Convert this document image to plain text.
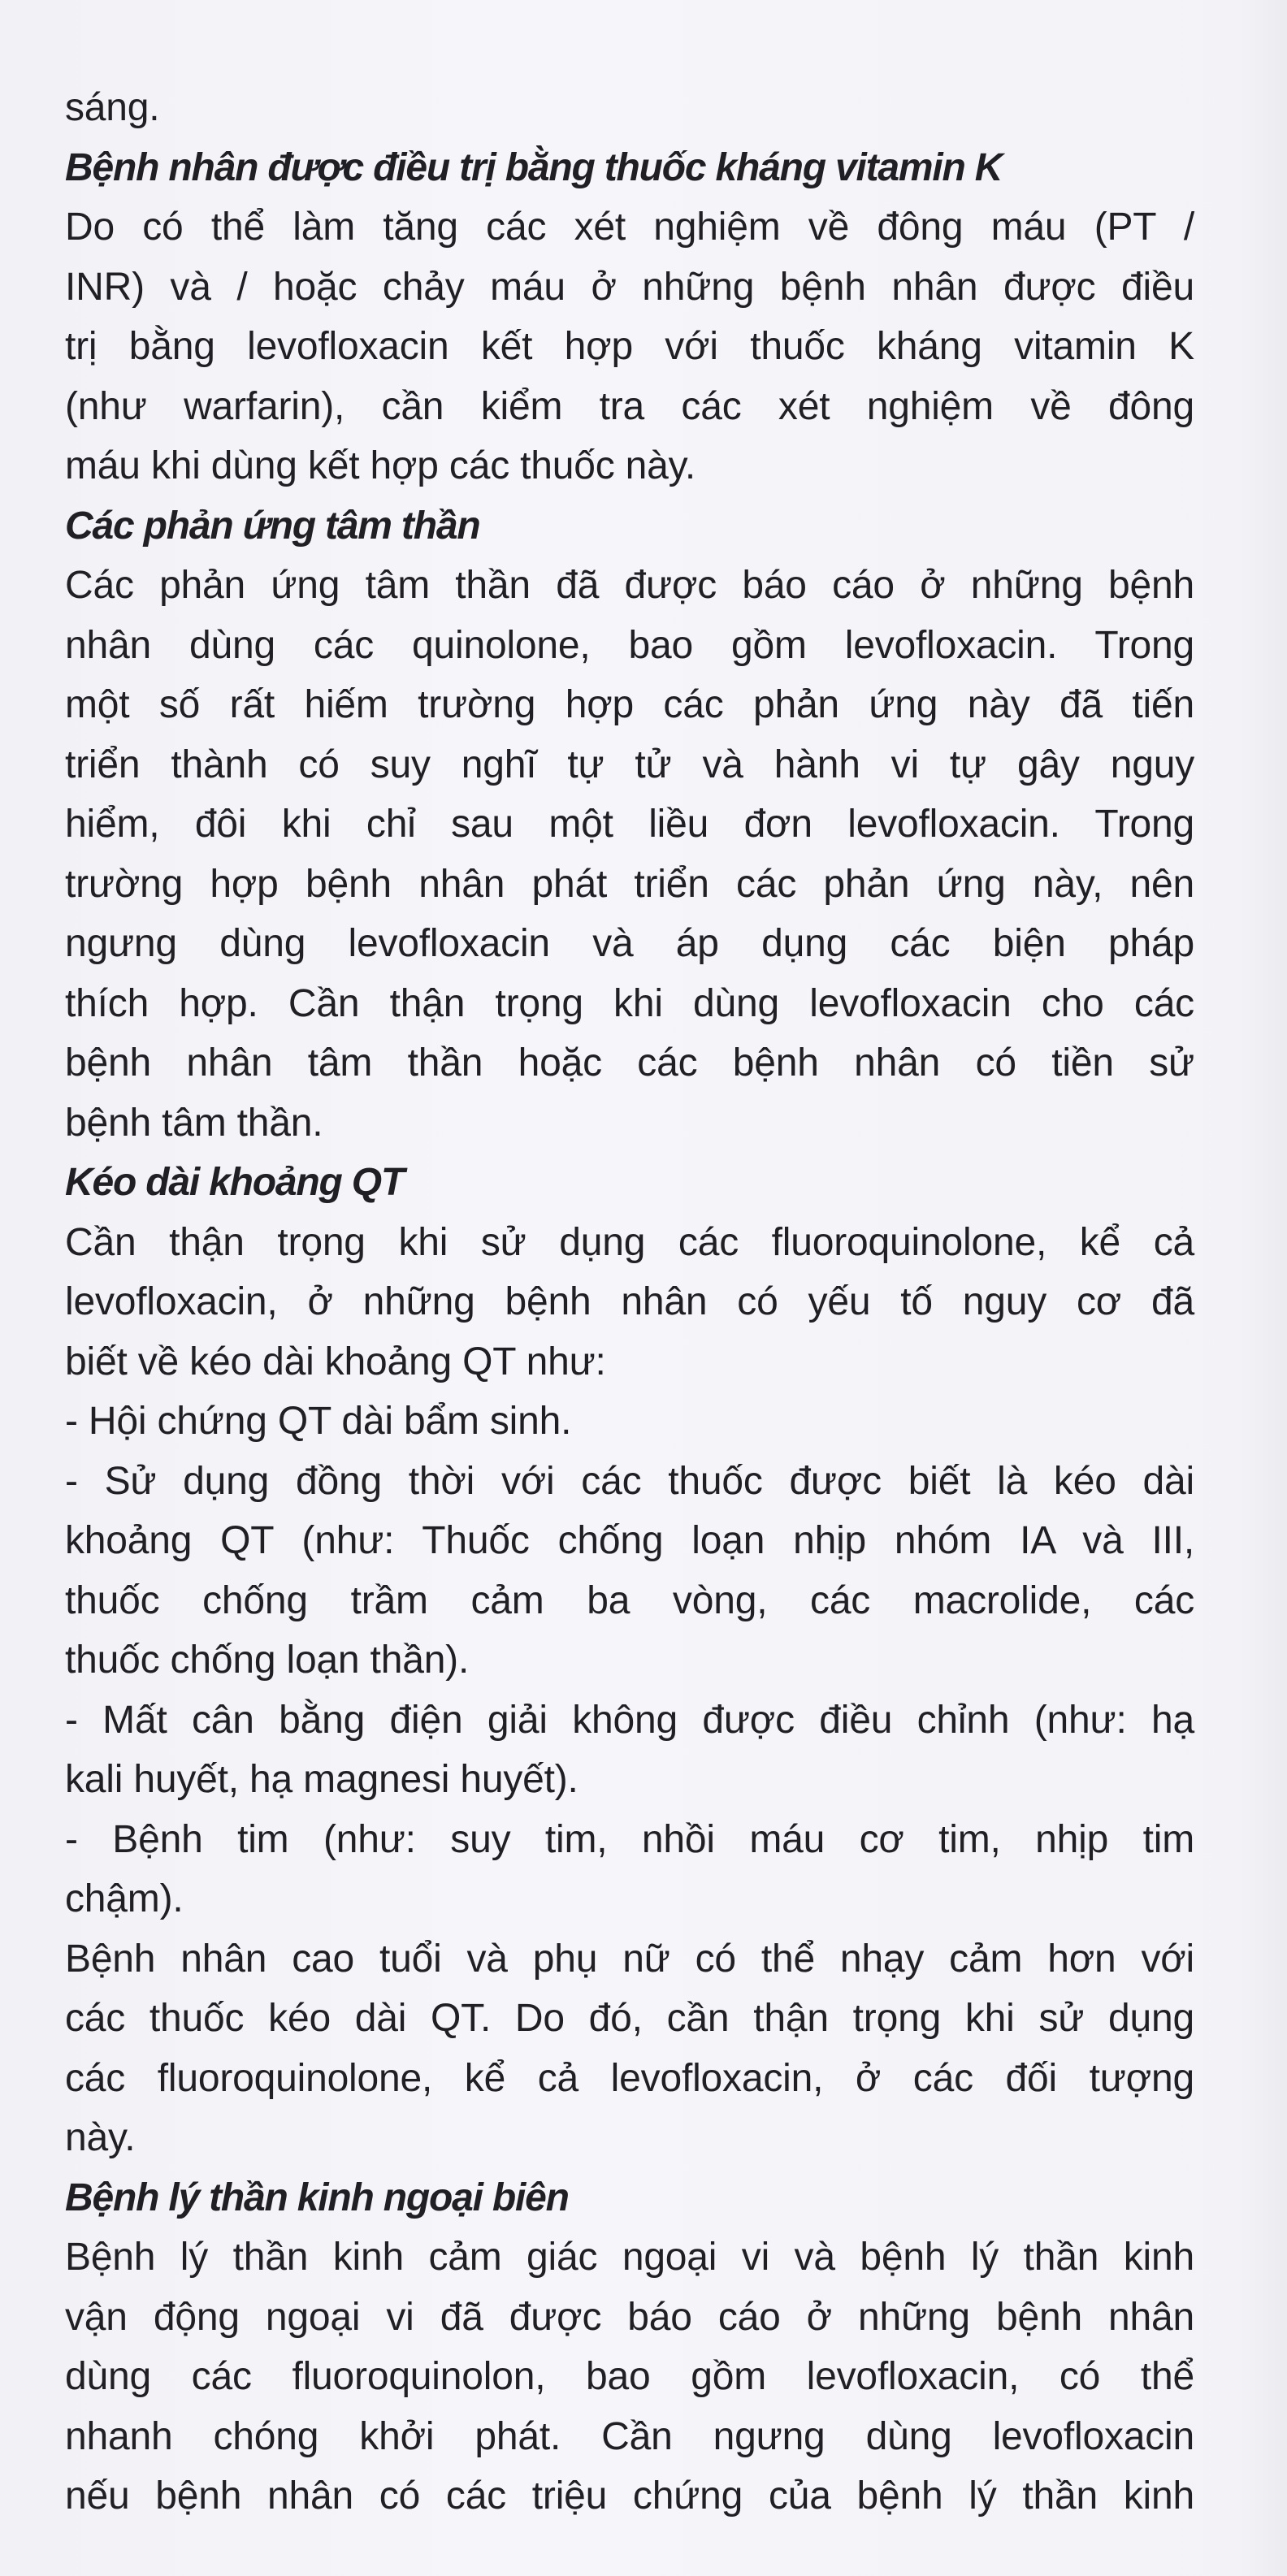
sáng.
Bệnh nhân được điều trị bằng thuốc kháng vitamin K
Do có thể làm tăng các xét nghiệm về đông máu (PT /
INR) và / hoặc chảy máu ở những bệnh nhân được điều
trị bằng levofloxacin kết hợp với thuốc kháng vitamin K
(như warfarin), cần kiểm tra các xét nghiệm về đông
máu khi dùng kết hợp các thuốc này.
Các phản ứng tâm thần
Các phản ứng tâm thần đã được báo cáo ở những bệnh
nhân dùng các quinolone, bao gồm levofloxacin. Trong
một số rất hiếm trường hợp các phản ứng này đã tiến
triển thành có suy nghĩ tự tử và hành vi tự gây nguy
hiểm, đôi khi chỉ sau một liều đơn levofloxacin. Trong
trường hợp bệnh nhân phát triển các phản ứng này, nên
ngưng dùng levofloxacin và áp dụng các biện pháp
thích hợp. Cần thận trọng khi dùng levofloxacin cho các
bệnh nhân tâm thần hoặc các bệnh nhân có tiền sử
bệnh tâm thần.
Kéo dài khoảng QT
Cần thận trọng khi sử dụng các fluoroquinolone, kể cả
levofloxacin, ở những bệnh nhân có yếu tố nguy cơ đã
biết về kéo dài khoảng QT như:
- Hội chứng QT dài bẩm sinh.
- Sử dụng đồng thời với các thuốc được biết là kéo dài
khoảng QT (như: Thuốc chống loạn nhịp nhóm IA và III,
thuốc chống trầm cảm ba vòng, các macrolide, các
thuốc chống loạn thần).
- Mất cân bằng điện giải không được điều chỉnh (như: hạ
kali huyết, hạ magnesi huyết).
- Bệnh tim (như: suy tim, nhồi máu cơ tim, nhịp tim
chậm).
Bệnh nhân cao tuổi và phụ nữ có thể nhạy cảm hơn với
các thuốc kéo dài QT. Do đó, cần thận trọng khi sử dụng
các fluoroquinolone, kể cả levofloxacin, ở các đối tượng
này.
Bệnh lý thần kinh ngoại biên
Bệnh lý thần kinh cảm giác ngoại vi và bệnh lý thần kinh
vận động ngoại vi đã được báo cáo ở những bệnh nhân
dùng các fluoroquinolon, bao gồm levofloxacin, có thể
nhanh chóng khởi phát. Cần ngưng dùng levofloxacin
nếu bệnh nhân có các triệu chứng của bệnh lý thần kinh
